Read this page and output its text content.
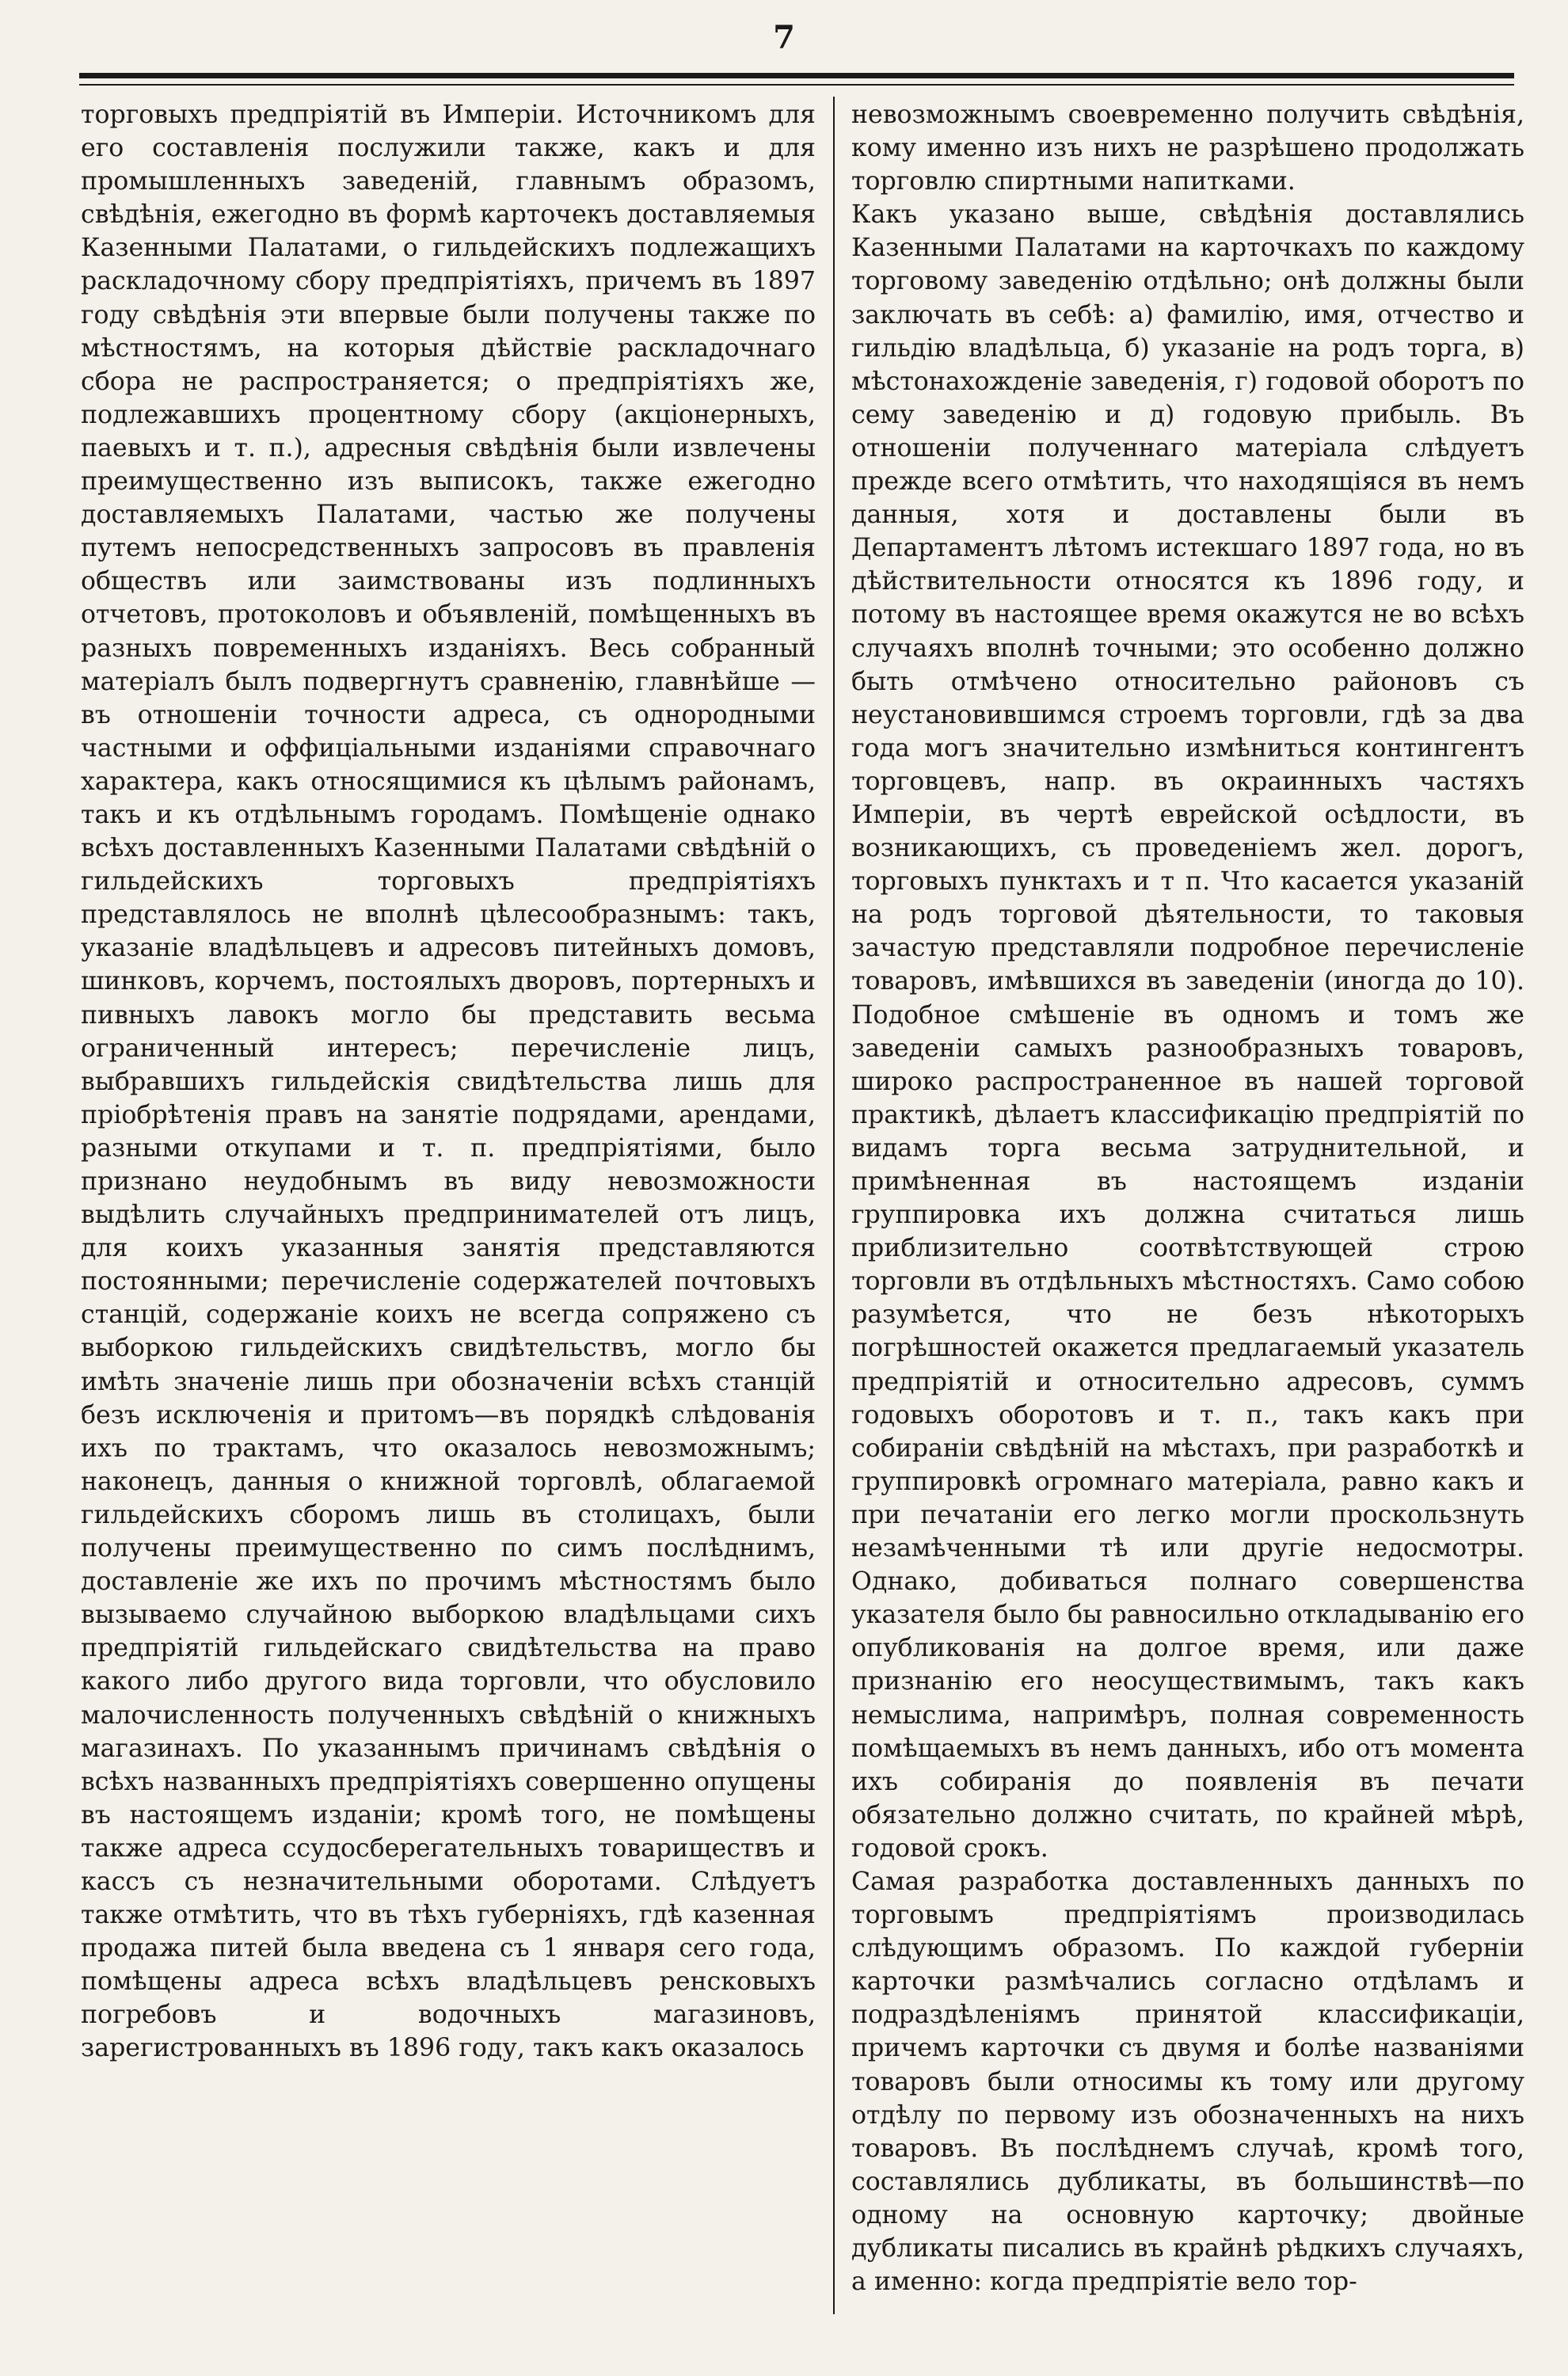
7

торговыхъ предпріятій въ Имперіи. Источникомъ для его составленія послужили также, какъ и для промышленныхъ заведеній, главнымъ образомъ, свѣдѣнія, ежегодно въ формѣ карточекъ доставляемыя Казенными Палатами, о гильдейскихъ подлежащихъ раскладочному сбору предпріятіяхъ, причемъ въ 1897 году свѣдѣнія эти впервые были получены также по мѣстностямъ, на которыя дѣйствіе раскладочнаго сбора не распространяется; о предпріятіяхъ же, подлежавшихъ процентному сбору (акціонерныхъ, паевыхъ и т. п.), адресныя свѣдѣнія были извлечены преимущественно изъ выписокъ, также ежегодно доставляемыхъ Палатами, частью же получены путемъ непосредственныхъ запросовъ въ правленія обществъ или заимствованы изъ подлинныхъ отчетовъ, протоколовъ и объявленій, помѣщенныхъ въ разныхъ повременныхъ изданіяхъ. Весь собранный матеріалъ былъ подвергнутъ сравненію, главнѣйше — въ отношеніи точности адреса, съ однородными частными и оффиціальными изданіями справочнаго характера, какъ относящимися къ цѣлымъ районамъ, такъ и къ отдѣльнымъ городамъ. Помѣщеніе однако всѣхъ доставленныхъ Казенными Палатами свѣдѣній о гильдейскихъ торговыхъ предпріятіяхъ представлялось не вполнѣ цѣлесообразнымъ: такъ, указаніе владѣльцевъ и адресовъ питейныхъ домовъ, шинковъ, корчемъ, постоялыхъ дворовъ, портерныхъ и пивныхъ лавокъ могло бы представить весьма ограниченный интересъ; перечисленіе лицъ, выбравшихъ гильдейскія свидѣтельства лишь для пріобрѣтенія правъ на занятіе подрядами, арендами, разными откупами и т. п. предпріятіями, было признано неудобнымъ въ виду невозможности выдѣлить случайныхъ предпринимателей отъ лицъ, для коихъ указанныя занятія представляются постоянными; перечисленіе содержателей почтовыхъ станцій, содержаніе коихъ не всегда сопряжено съ выборкою гильдейскихъ свидѣтельствъ, могло бы имѣть значеніе лишь при обозначеніи всѣхъ станцій безъ исключенія и притомъ—въ порядкѣ слѣдованія ихъ по трактамъ, что оказалось невозможнымъ; наконецъ, данныя о книжной торговлѣ, облагаемой гильдейскихъ сборомъ лишь въ столицахъ, были получены преимущественно по симъ послѣднимъ, доставленіе же ихъ по прочимъ мѣстностямъ было вызываемо случайною выборкою владѣльцами сихъ предпріятій гильдейскаго свидѣтельства на право какого либо другого вида торговли, что обусловило малочисленность полученныхъ свѣдѣній о книжныхъ магазинахъ. По указаннымъ причинамъ свѣдѣнія о всѣхъ названныхъ предпріятіяхъ совершенно опущены въ настоящемъ изданіи; кромѣ того, не помѣщены также адреса ссудосберегательныхъ товариществъ и кассъ съ незначительными оборотами. Слѣдуетъ также отмѣтить, что въ тѣхъ губерніяхъ, гдѣ казенная продажа питей была введена съ 1 января сего года, помѣщены адреса всѣхъ владѣльцевъ ренсковыхъ погребовъ и водочныхъ магазиновъ, зарегистрованныхъ въ 1896 году, такъ какъ оказалось

невозможнымъ своевременно получить свѣдѣнія, кому именно изъ нихъ не разрѣшено продолжать торговлю спиртными напитками.

Какъ указано выше, свѣдѣнія доставлялись Казенными Палатами на карточкахъ по каждому торговому заведенію отдѣльно; онѣ должны были заключать въ себѣ: а) фамилію, имя, отчество и гильдію владѣльца, б) указаніе на родъ торга, в) мѣстонахожденіе заведенія, г) годовой оборотъ по сему заведенію и д) годовую прибыль. Въ отношеніи полученнаго матеріала слѣдуетъ прежде всего отмѣтить, что находящіяся въ немъ данныя, хотя и доставлены были въ Департаментъ лѣтомъ истекшаго 1897 года, но въ дѣйствительности относятся къ 1896 году, и потому въ настоящее время окажутся не во всѣхъ случаяхъ вполнѣ точными; это особенно должно быть отмѣчено относительно районовъ съ неустановившимся строемъ торговли, гдѣ за два года могъ значительно измѣниться контингентъ торговцевъ, напр. въ окраинныхъ частяхъ Имперіи, въ чертѣ еврейской осѣдлости, въ возникающихъ, съ проведеніемъ жел. дорогъ, торговыхъ пунктахъ и т п. Что касается указаній на родъ торговой дѣятельности, то таковыя зачастую представляли подробное перечисленіе товаровъ, имѣвшихся въ заведеніи (иногда до 10). Подобное смѣшеніе въ одномъ и томъ же заведеніи самыхъ разнообразныхъ товаровъ, широко распространенное въ нашей торговой практикѣ, дѣлаетъ классификацію предпріятій по видамъ торга весьма затруднительной, и примѣненная въ настоящемъ изданіи группировка ихъ должна считаться лишь приблизительно соотвѣтствующей строю торговли въ отдѣльныхъ мѣстностяхъ. Само собою разумѣется, что не безъ нѣкоторыхъ погрѣшностей окажется предлагаемый указатель предпріятій и относительно адресовъ, суммъ годовыхъ оборотовъ и т. п., такъ какъ при собираніи свѣдѣній на мѣстахъ, при разработкѣ и группировкѣ огромнаго матеріала, равно какъ и при печатаніи его легко могли проскользнуть незамѣченными тѣ или другіе недосмотры. Однако, добиваться полнаго совершенства указателя было бы равносильно откладыванію его опубликованія на долгое время, или даже признанію его неосуществимымъ, такъ какъ немыслима, напримѣръ, полная современность помѣщаемыхъ въ немъ данныхъ, ибо отъ момента ихъ собиранія до появленія въ печати обязательно должно считать, по крайней мѣрѣ, годовой срокъ.

Самая разработка доставленныхъ данныхъ по торговымъ предпріятіямъ производилась слѣдующимъ образомъ. По каждой губерніи карточки размѣчались согласно отдѣламъ и подраздѣленіямъ принятой классификаціи, причемъ карточки съ двумя и болѣе названіями товаровъ были относимы къ тому или другому отдѣлу по первому изъ обозначенныхъ на нихъ товаровъ. Въ послѣднемъ случаѣ, кромѣ того, составлялись дубликаты, въ большинствѣ—по одному на основную карточку; двойные дубликаты писались въ крайнѣ рѣдкихъ случаяхъ, а именно: когда предпріятіе вело тор-
